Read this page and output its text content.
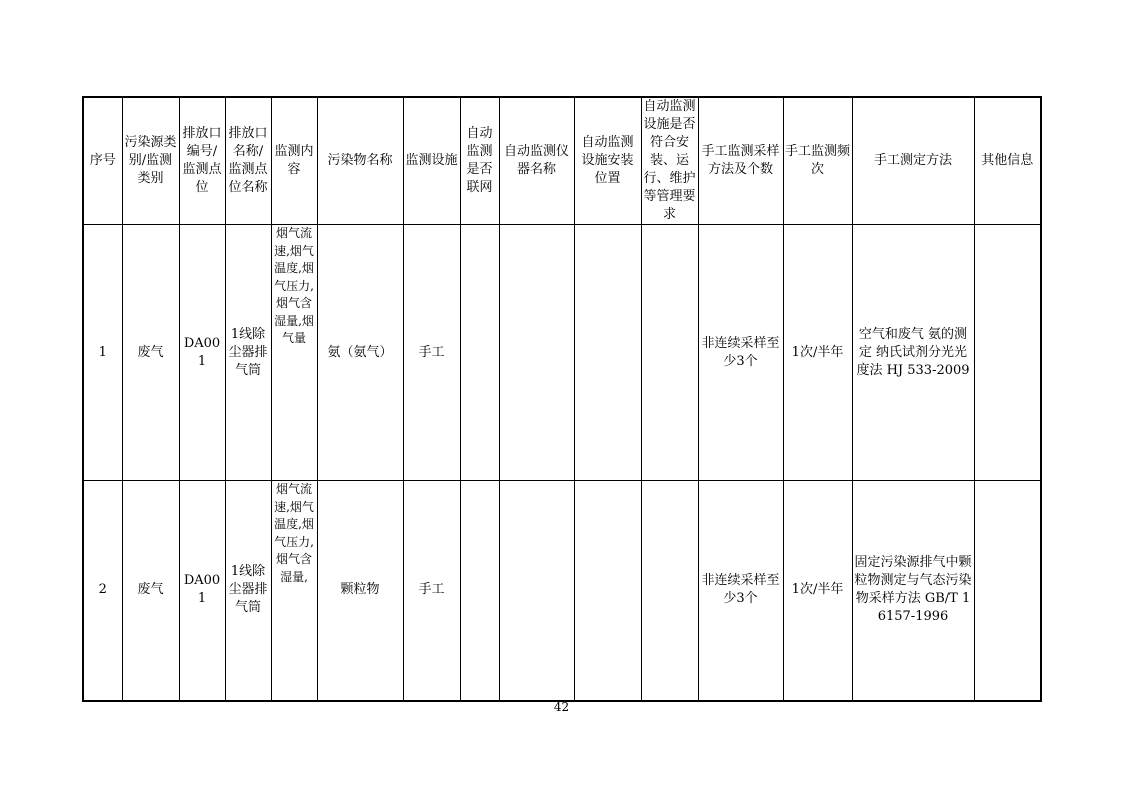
序号	污染源类别/监测类别	排放口编号/监测点位	排放口名称/监测点位名称	监测内容	污染物名称	监测设施	自动监测是否联网	自动监测仪器名称	自动监测设施安装位置	自动监测设施是否符合安装、运行、维护等管理要求	手工监测采样方法及个数	手工监测频次	手工测定方法	其他信息
1	废气	DA001	1线除尘器排气筒	烟气流速,烟气温度,烟气压力,烟气含湿量,烟气量	氨（氨气）	手工					非连续采样至少3个	1次/半年	空气和废气 氨的测定 纳氏试剂分光光度法 HJ 533-2009	
2	废气	DA001	1线除尘器排气筒	烟气流速,烟气温度,烟气压力,烟气含湿量,	颗粒物	手工					非连续采样至少3个	1次/半年	固定污染源排气中颗粒物测定与气态污染物采样方法 GB/T 16157-1996	
42
